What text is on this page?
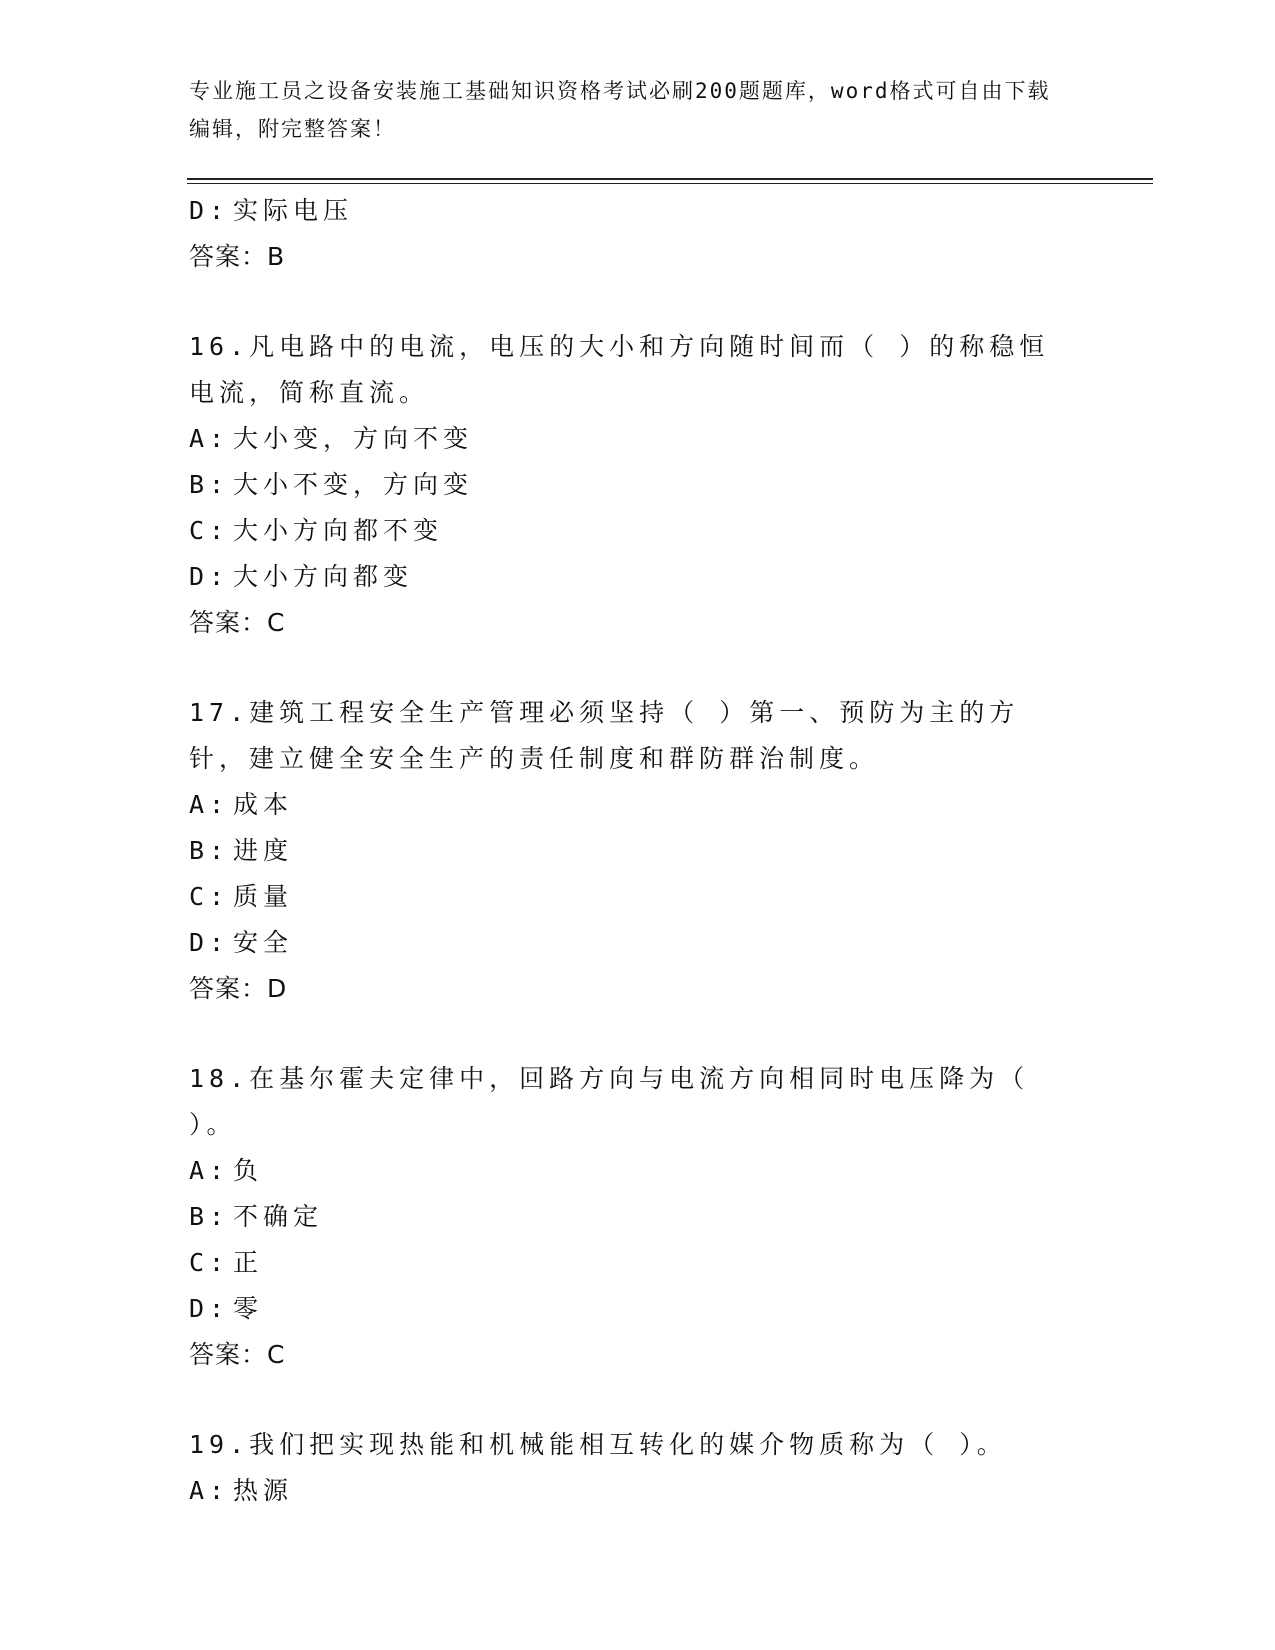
专业施工员之设备安装施工基础知识资格考试必刷200题题库，word格式可自由下载编辑，附完整答案！
D: 实际电压
答案：B
16.凡电路中的电流，电压的大小和方向随时间而（ ）的称稳恒电流，简称直流。
A: 大小变，方向不变
B: 大小不变，方向变
C: 大小方向都不变
D: 大小方向都变
答案：C
17.建筑工程安全生产管理必须坚持（ ）第一、预防为主的方针，建立健全安全生产的责任制度和群防群治制度。
A: 成本
B: 进度
C: 质量
D: 安全
答案：D
18.在基尔霍夫定律中，回路方向与电流方向相同时电压降为（ ）。
A: 负
B: 不确定
C: 正
D: 零
答案：C
19.我们把实现热能和机械能相互转化的媒介物质称为（ ）。
A: 热源
